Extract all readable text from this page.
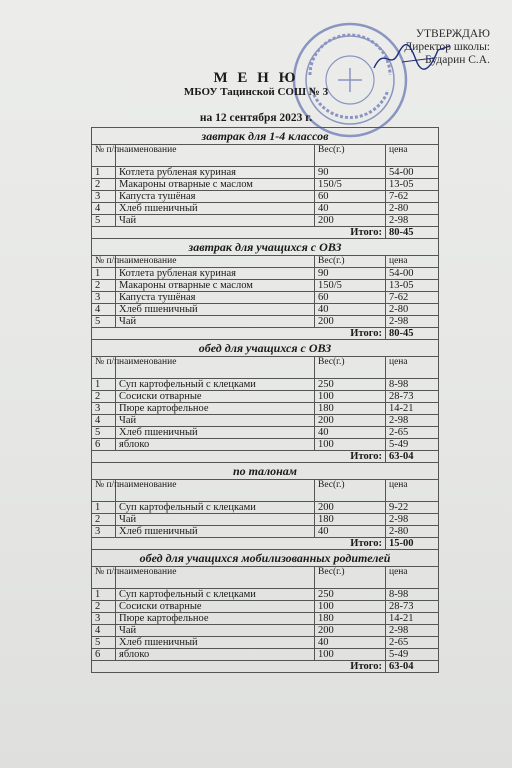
УТВЕРЖДАЮ
Директор школы:
Бударин С.А.
М Е Н Ю
МБОУ Тацинской СОШ № 3
на 12 сентября 2023 г.
завтрак для 1-4 классов			
№ п/п	наименование	Вес(г.)	цена
1	Котлета рубленая куриная	90	54-00
2	Макароны отварные с маслом	150/5	13-05
3	Капуста тушёная	60	7-62
4	Хлеб пшеничный	40	2-80
5	Чай	200	2-98
Итого:			80-45
завтрак для учащихся с ОВЗ			
№ п/п	наименование	Вес(г.)	цена
1	Котлета рубленая куриная	90	54-00
2	Макароны отварные с маслом	150/5	13-05
3	Капуста тушёная	60	7-62
4	Хлеб пшеничный	40	2-80
5	Чай	200	2-98
Итого:			80-45
обед для учащихся с ОВЗ			
№ п/п	наименование	Вес(г.)	цена
1	Суп картофельный с клецками	250	8-98
2	Сосиски отварные	100	28-73
3	Пюре картофельное	180	14-21
4	Чай	200	2-98
5	Хлеб пшеничный	40	2-65
6	яблоко	100	5-49
Итого:			63-04
по талонам			
№ п/п	наименование	Вес(г.)	цена
1	Суп картофельный с клецками	200	9-22
2	Чай	180	2-98
3	Хлеб пшеничный	40	2-80
Итого:			15-00
обед для учащихся мобилизованных родителей			
№ п/п	наименование	Вес(г.)	цена
1	Суп картофельный с клецками	250	8-98
2	Сосиски отварные	100	28-73
3	Пюре картофельное	180	14-21
4	Чай	200	2-98
5	Хлеб пшеничный	40	2-65
6	яблоко	100	5-49
Итого:			63-04
